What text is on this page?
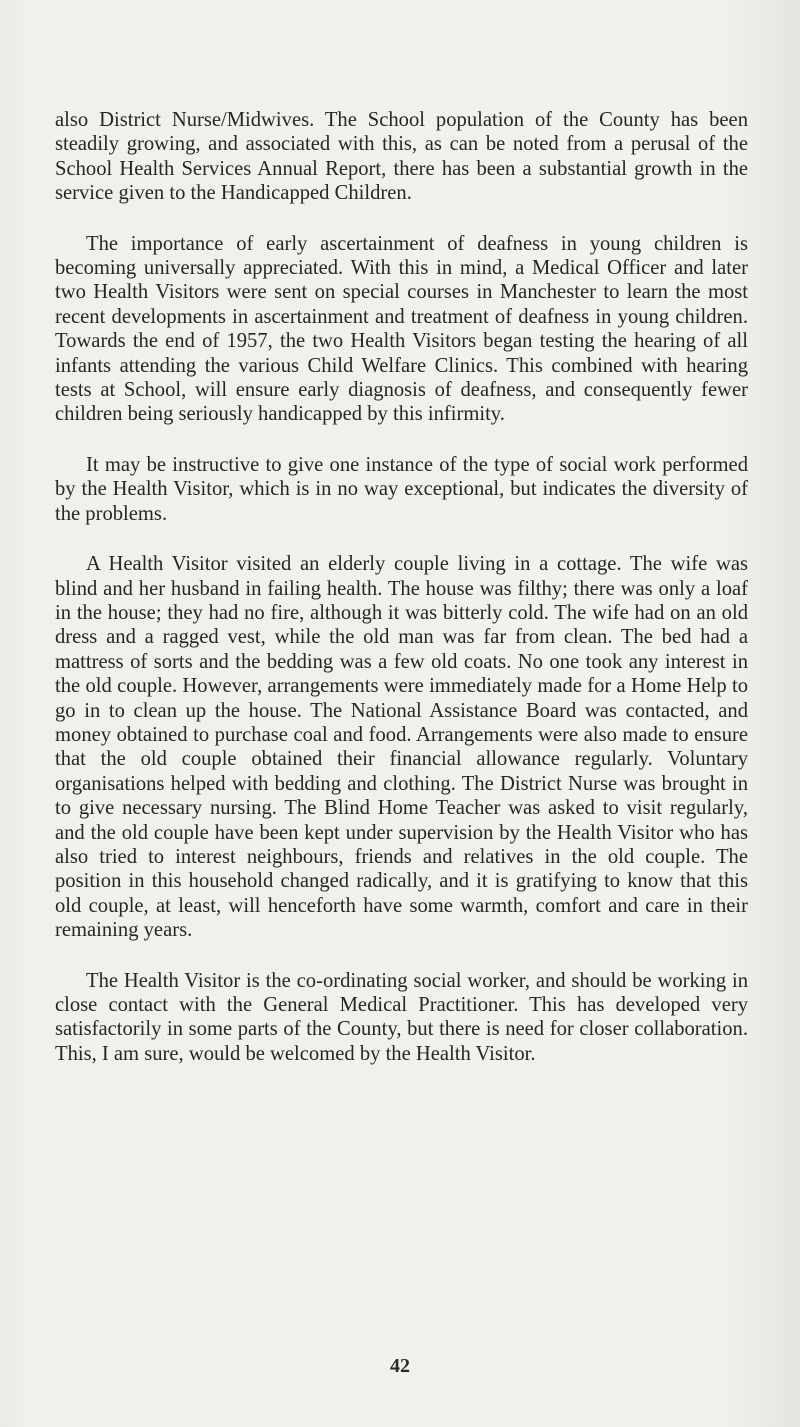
also District Nurse/Midwives. The School population of the County has been steadily growing, and associated with this, as can be noted from a perusal of the School Health Services Annual Report, there has been a substantial growth in the service given to the Handicapped Children.

The importance of early ascertainment of deafness in young children is becoming universally appreciated. With this in mind, a Medical Officer and later two Health Visitors were sent on special courses in Manchester to learn the most recent developments in ascertainment and treatment of deafness in young children. Towards the end of 1957, the two Health Visitors began testing the hearing of all infants attending the various Child Welfare Clinics. This combined with hearing tests at School, will ensure early diagnosis of deafness, and consequently fewer children being seriously handicapped by this infirmity.

It may be instructive to give one instance of the type of social work performed by the Health Visitor, which is in no way exceptional, but indicates the diversity of the problems.

A Health Visitor visited an elderly couple living in a cottage. The wife was blind and her husband in failing health. The house was filthy; there was only a loaf in the house; they had no fire, although it was bitterly cold. The wife had on an old dress and a ragged vest, while the old man was far from clean. The bed had a mattress of sorts and the bedding was a few old coats. No one took any interest in the old couple. However, arrangements were immediately made for a Home Help to go in to clean up the house. The National Assistance Board was contacted, and money obtained to purchase coal and food. Arrangements were also made to ensure that the old couple obtained their financial allowance regularly. Voluntary organisations helped with bedding and clothing. The District Nurse was brought in to give necessary nursing. The Blind Home Teacher was asked to visit regularly, and the old couple have been kept under supervision by the Health Visitor who has also tried to interest neighbours, friends and relatives in the old couple. The position in this household changed radically, and it is gratifying to know that this old couple, at least, will henceforth have some warmth, comfort and care in their remaining years.

The Health Visitor is the co-ordinating social worker, and should be working in close contact with the General Medical Practitioner. This has developed very satisfactorily in some parts of the County, but there is need for closer collaboration. This, I am sure, would be welcomed by the Health Visitor.

42
